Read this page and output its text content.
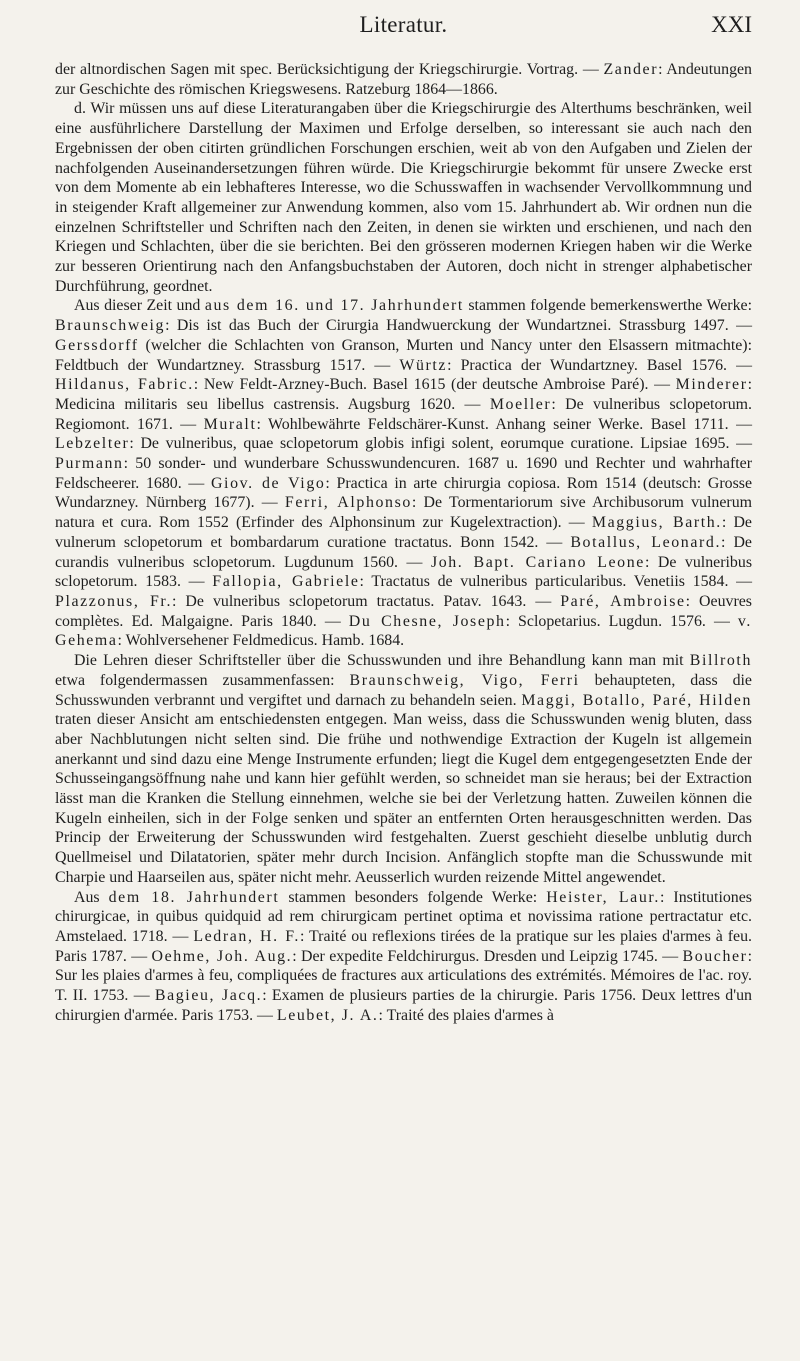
Literatur.	XXI

der altnordischen Sagen mit spec. Berücksichtigung der Kriegschirurgie. Vortrag. — Zander: Andeutungen zur Geschichte des römischen Kriegswesens. Ratzeburg 1864—1866.

d. Wir müssen uns auf diese Literaturangaben über die Kriegschirurgie des Alterthums beschränken, weil eine ausführlichere Darstellung der Maximen und Erfolge derselben, so interessant sie auch nach den Ergebnissen der oben citirten gründlichen Forschungen erschien, weit ab von den Aufgaben und Zielen der nachfolgenden Auseinandersetzungen führen würde. Die Kriegschirurgie bekommt für unsere Zwecke erst von dem Momente ab ein lebhafteres Interesse, wo die Schusswaffen in wachsender Vervollkommnung und in steigender Kraft allgemeiner zur Anwendung kommen, also vom 15. Jahrhundert ab. Wir ordnen nun die einzelnen Schriftsteller und Schriften nach den Zeiten, in denen sie wirkten und erschienen, und nach den Kriegen und Schlachten, über die sie berichten. Bei den grösseren modernen Kriegen haben wir die Werke zur besseren Orientirung nach den Anfangsbuchstaben der Autoren, doch nicht in strenger alphabetischer Durchführung, geordnet.

Aus dieser Zeit und aus dem 16. und 17. Jahrhundert stammen folgende bemerkenswerthe Werke: Braunschweig: Dis ist das Buch der Cirurgia Handwuerckung der Wundartznei. Strassburg 1497. — Gerssdorff (welcher die Schlachten von Granson, Murten und Nancy unter den Elsassern mitmachte): Feldtbuch der Wundartzney. Strassburg 1517. — Würtz: Practica der Wundartzney. Basel 1576. — Hildanus, Fabric.: New Feldt-Arzney-Buch. Basel 1615 (der deutsche Ambroise Paré). — Minderer: Medicina militaris seu libellus castrensis. Augsburg 1620. — Moeller: De vulneribus sclopetorum. Regiomont. 1671. — Muralt: Wohlbewährte Feldschärer-Kunst. Anhang seiner Werke. Basel 1711. — Lebzelter: De vulneribus, quae sclopetorum globis infigi solent, eorumque curatione. Lipsiae 1695. — Purmann: 50 sonder- und wunderbare Schusswundencuren. 1687 u. 1690 und Rechter und wahrhafter Feldscheerer. 1680. — Giov. de Vigo: Practica in arte chirurgia copiosa. Rom 1514 (deutsch: Grosse Wundarzney. Nürnberg 1677). — Ferri, Alphonso: De Tormentariorum sive Archibusorum vulnerum natura et cura. Rom 1552 (Erfinder des Alphonsinum zur Kugelextraction). — Maggius, Barth.: De vulnerum sclopetorum et bombardarum curatione tractatus. Bonn 1542. — Botallus, Leonard.: De curandis vulneribus sclopetorum. Lugdunum 1560. — Joh. Bapt. Cariano Leone: De vulneribus sclopetorum. 1583. — Fallopia, Gabriele: Tractatus de vulneribus particularibus. Venetiis 1584. — Plazzonus, Fr.: De vulneribus sclopetorum tractatus. Patav. 1643. — Paré, Ambroise: Oeuvres complètes. Ed. Malgaigne. Paris 1840. — Du Chesne, Joseph: Sclopetarius. Lugdun. 1576. — v. Gehema: Wohlversehener Feldmedicus. Hamb. 1684.

Die Lehren dieser Schriftsteller über die Schusswunden und ihre Behandlung kann man mit Billroth etwa folgendermassen zusammenfassen: Braunschweig, Vigo, Ferri behaupteten, dass die Schusswunden verbrannt und vergiftet und darnach zu behandeln seien. Maggi, Botallo, Paré, Hilden traten dieser Ansicht am entschiedensten entgegen. Man weiss, dass die Schusswunden wenig bluten, dass aber Nachblutungen nicht selten sind. Die frühe und nothwendige Extraction der Kugeln ist allgemein anerkannt und sind dazu eine Menge Instrumente erfunden; liegt die Kugel dem entgegengesetzten Ende der Schusseingangsöffnung nahe und kann hier gefühlt werden, so schneidet man sie heraus; bei der Extraction lässt man die Kranken die Stellung einnehmen, welche sie bei der Verletzung hatten. Zuweilen können die Kugeln einheilen, sich in der Folge senken und später an entfernten Orten herausgeschnitten werden. Das Princip der Erweiterung der Schusswunden wird festgehalten. Zuerst geschieht dieselbe unblutig durch Quellmeisel und Dilatatorien, später mehr durch Incision. Anfänglich stopfte man die Schusswunde mit Charpie und Haarseilen aus, später nicht mehr. Aeusserlich wurden reizende Mittel angewendet.

Aus dem 18. Jahrhundert stammen besonders folgende Werke: Heister, Laur.: Institutiones chirurgicae, in quibus quidquid ad rem chirurgicam pertinet optima et novissima ratione pertractatur etc. Amstelaed. 1718. — Ledran, H. F.: Traité ou reflexions tirées de la pratique sur les plaies d'armes à feu. Paris 1787. — Oehme, Joh. Aug.: Der expedite Feldchirurgus. Dresden und Leipzig 1745. — Boucher: Sur les plaies d'armes à feu, compliquées de fractures aux articulations des extrémités. Mémoires de l'ac. roy. T. II. 1753. — Bagieu, Jacq.: Examen de plusieurs parties de la chirurgie. Paris 1756. Deux lettres d'un chirurgien d'armée. Paris 1753. — Leubet, J. A.: Traité des plaies d'armes à
